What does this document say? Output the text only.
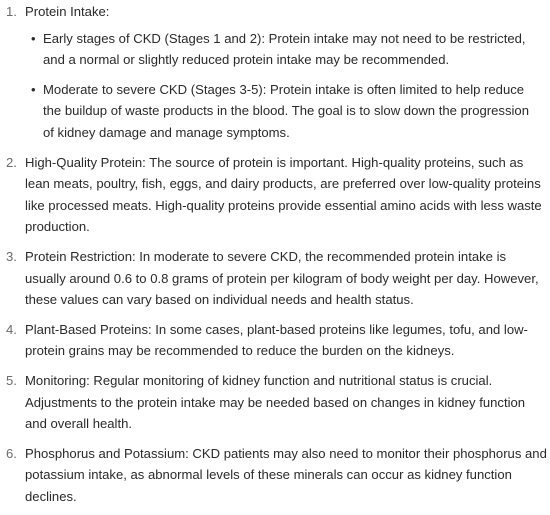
1. Protein Intake:
• Early stages of CKD (Stages 1 and 2): Protein intake may not need to be restricted, and a normal or slightly reduced protein intake may be recommended.
• Moderate to severe CKD (Stages 3-5): Protein intake is often limited to help reduce the buildup of waste products in the blood. The goal is to slow down the progression of kidney damage and manage symptoms.
2. High-Quality Protein: The source of protein is important. High-quality proteins, such as lean meats, poultry, fish, eggs, and dairy products, are preferred over low-quality proteins like processed meats. High-quality proteins provide essential amino acids with less waste production.
3. Protein Restriction: In moderate to severe CKD, the recommended protein intake is usually around 0.6 to 0.8 grams of protein per kilogram of body weight per day. However, these values can vary based on individual needs and health status.
4. Plant-Based Proteins: In some cases, plant-based proteins like legumes, tofu, and low-protein grains may be recommended to reduce the burden on the kidneys.
5. Monitoring: Regular monitoring of kidney function and nutritional status is crucial. Adjustments to the protein intake may be needed based on changes in kidney function and overall health.
6. Phosphorus and Potassium: CKD patients may also need to monitor their phosphorus and potassium intake, as abnormal levels of these minerals can occur as kidney function declines.
